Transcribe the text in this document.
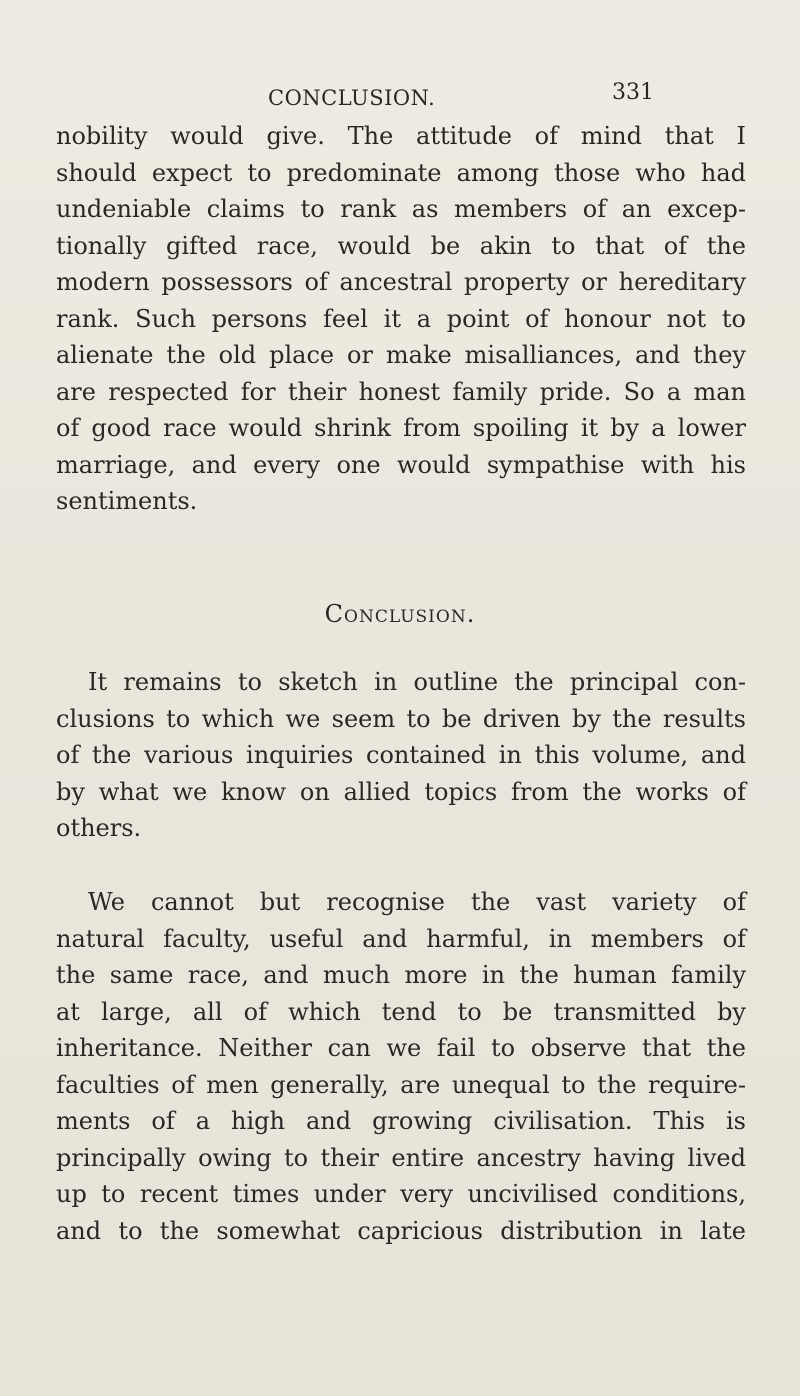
CONCLUSION.	331
nobility would give. The attitude of mind that I
should expect to predominate among those who had
undeniable claims to rank as members of an excep-
tionally gifted race, would be akin to that of the
modern possessors of ancestral property or hereditary
rank. Such persons feel it a point of honour not to
alienate the old place or make misalliances, and they
are respected for their honest family pride. So a man
of good race would shrink from spoiling it by a lower
marriage, and every one would sympathise with his
sentiments.
Conclusion.
It remains to sketch in outline the principal con-
clusions to which we seem to be driven by the results
of the various inquiries contained in this volume, and
by what we know on allied topics from the works of
others.
We cannot but recognise the vast variety of
natural faculty, useful and harmful, in members of
the same race, and much more in the human family
at large, all of which tend to be transmitted by
inheritance. Neither can we fail to observe that the
faculties of men generally, are unequal to the require-
ments of a high and growing civilisation. This is
principally owing to their entire ancestry having lived
up to recent times under very uncivilised conditions,
and to the somewhat capricious distribution in late
